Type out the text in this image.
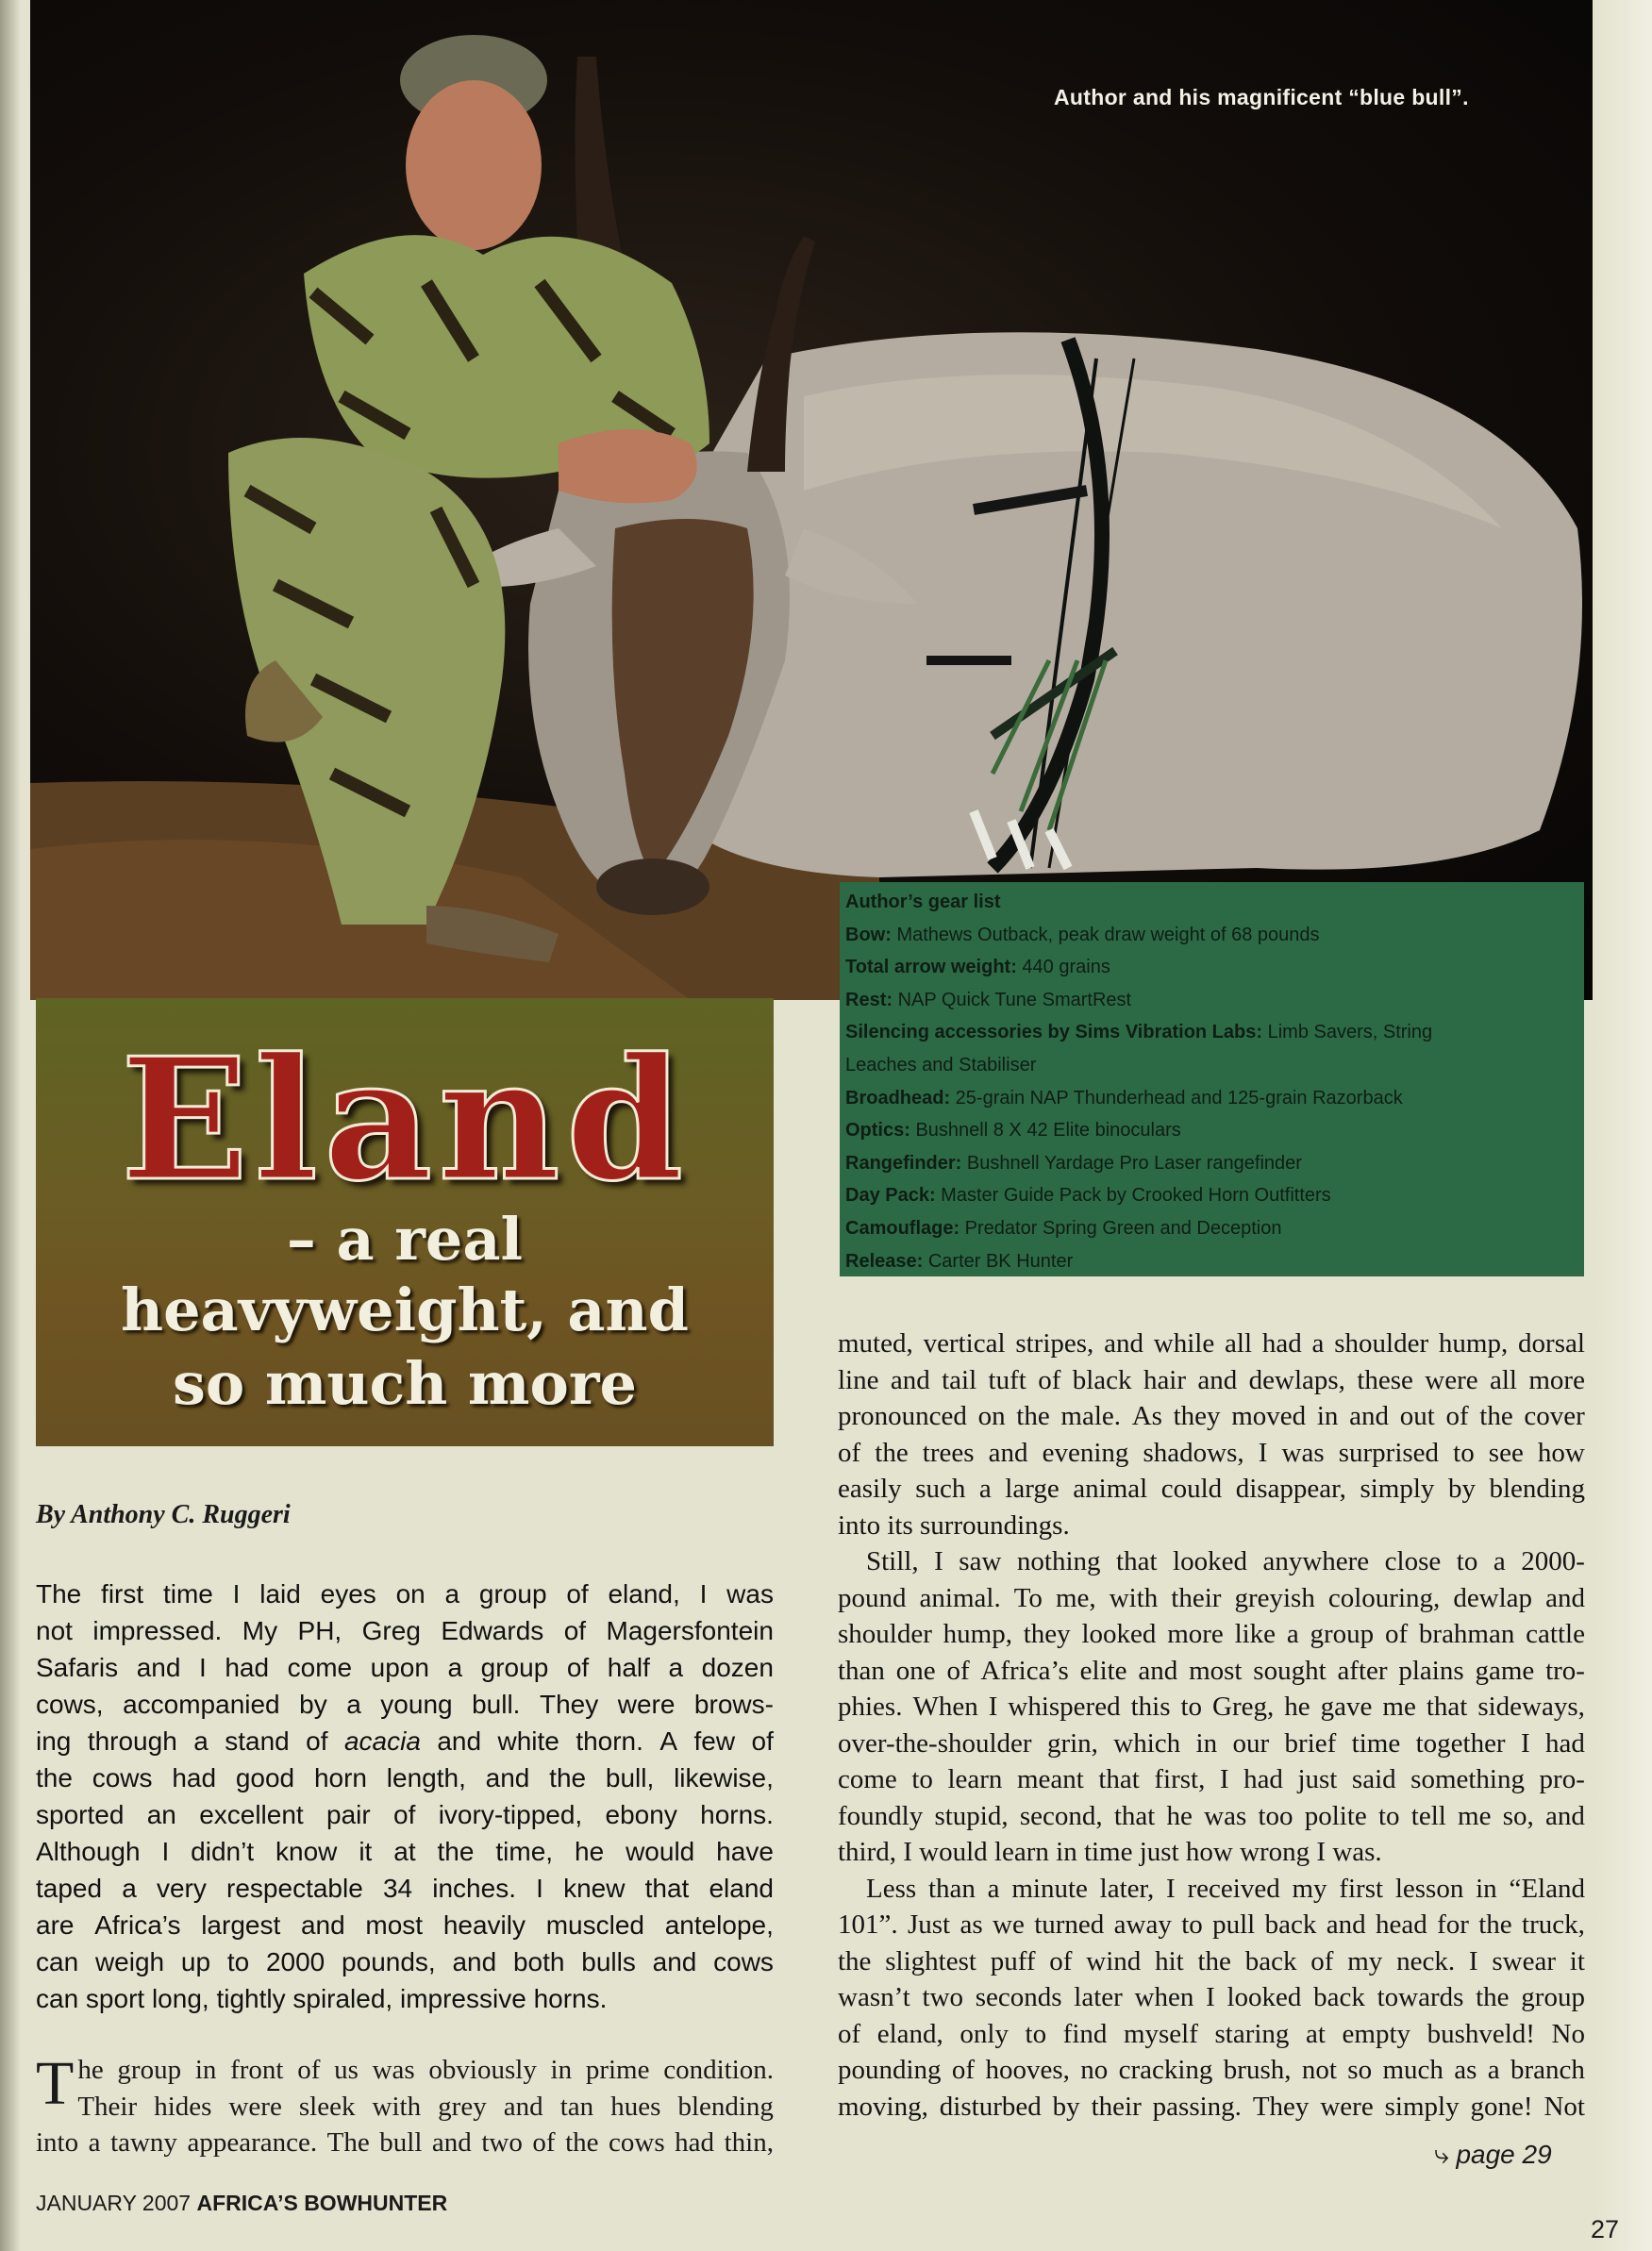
Author and his magnificent “blue bull”.
Author’s gear list
Bow: Mathews Outback, peak draw weight of 68 pounds
Total arrow weight: 440 grains
Rest: NAP Quick Tune SmartRest
Silencing accessories by Sims Vibration Labs: Limb Savers, String
Leaches and Stabiliser
Broadhead: 25-grain NAP Thunderhead and 125-grain Razorback
Optics: Bushnell 8 X 42 Elite binoculars
Rangefinder: Bushnell Yardage Pro Laser rangefinder
Day Pack: Master Guide Pack by Crooked Horn Outfitters
Camouflage: Predator Spring Green and Deception
Release: Carter BK Hunter
Eland
– a real
heavyweight, and
so much more
By Anthony C. Ruggeri
The first time I laid eyes on a group of eland, I was
not impressed. My PH, Greg Edwards of Magersfontein
Safaris and I had come upon a group of half a dozen
cows, accompanied by a young bull. They were brows-
ing through a stand of acacia and white thorn. A few of
the cows had good horn length, and the bull, likewise,
sported an excellent pair of ivory-tipped, ebony horns.
Although I didn’t know it at the time, he would have
taped a very respectable 34 inches. I knew that eland
are Africa’s largest and most heavily muscled antelope,
can weigh up to 2000 pounds, and both bulls and cows
can sport long, tightly spiraled, impressive horns.
T he group in front of us was obviously in prime condition.
Their hides were sleek with grey and tan hues blending
into a tawny appearance. The bull and two of the cows had thin,
muted, vertical stripes, and while all had a shoulder hump, dorsal
line and tail tuft of black hair and dewlaps, these were all more
pronounced on the male. As they moved in and out of the cover
of the trees and evening shadows, I was surprised to see how
easily such a large animal could disappear, simply by blending
into its surroundings.
Still, I saw nothing that looked anywhere close to a 2000-
pound animal. To me, with their greyish colouring, dewlap and
shoulder hump, they looked more like a group of brahman cattle
than one of Africa’s elite and most sought after plains game tro-
phies. When I whispered this to Greg, he gave me that sideways,
over-the-shoulder grin, which in our brief time together I had
come to learn meant that first, I had just said something pro-
foundly stupid, second, that he was too polite to tell me so, and
third, I would learn in time just how wrong I was.
Less than a minute later, I received my first lesson in “Eland
101”. Just as we turned away to pull back and head for the truck,
the slightest puff of wind hit the back of my neck. I swear it
wasn’t two seconds later when I looked back towards the group
of eland, only to find myself staring at empty bushveld! No
pounding of hooves, no cracking brush, not so much as a branch
moving, disturbed by their passing. They were simply gone! Not
⤷ page 29
JANUARY 2007 AFRICA’S BOWHUNTER
27
